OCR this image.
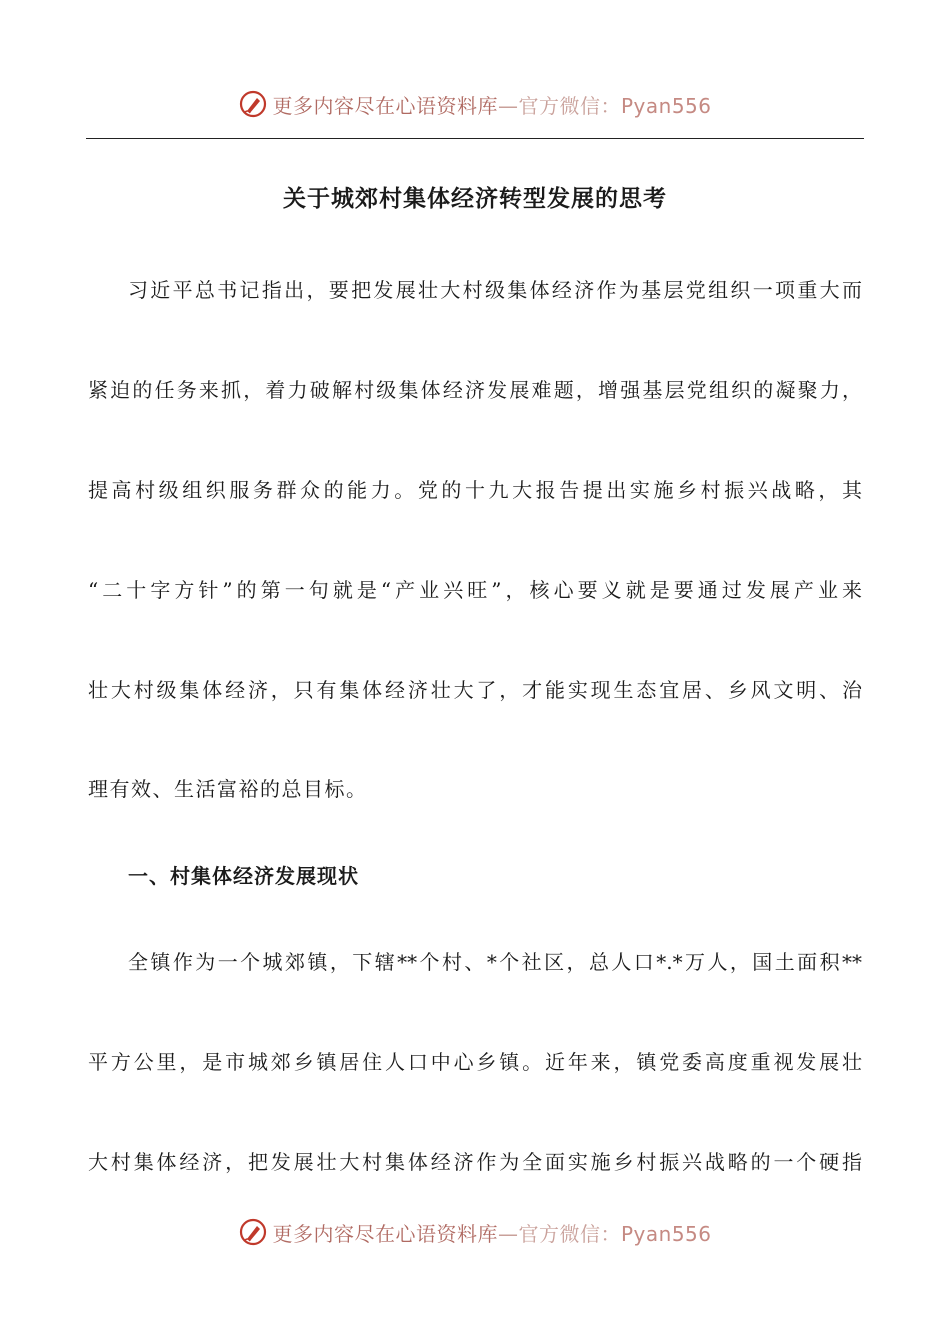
更多内容尽在心语资料库—官方微信：Pyan556
关于城郊村集体经济转型发展的思考
习近平总书记指出，要把发展壮大村级集体经济作为基层党组织一项重大而
紧迫的任务来抓，着力破解村级集体经济发展难题，增强基层党组织的凝聚力，
提高村级组织服务群众的能力。党的十九大报告提出实施乡村振兴战略，其
“二十字方针”的第一句就是“产业兴旺”，核心要义就是要通过发展产业来
壮大村级集体经济，只有集体经济壮大了，才能实现生态宜居、乡风文明、治
理有效、生活富裕的总目标。
一、村集体经济发展现状
全镇作为一个城郊镇，下辖**个村、*个社区，总人口*.*万人，国土面积**
平方公里，是市城郊乡镇居住人口中心乡镇。近年来，镇党委高度重视发展壮
大村集体经济，把发展壮大村集体经济作为全面实施乡村振兴战略的一个硬指
更多内容尽在心语资料库—官方微信：Pyan556
